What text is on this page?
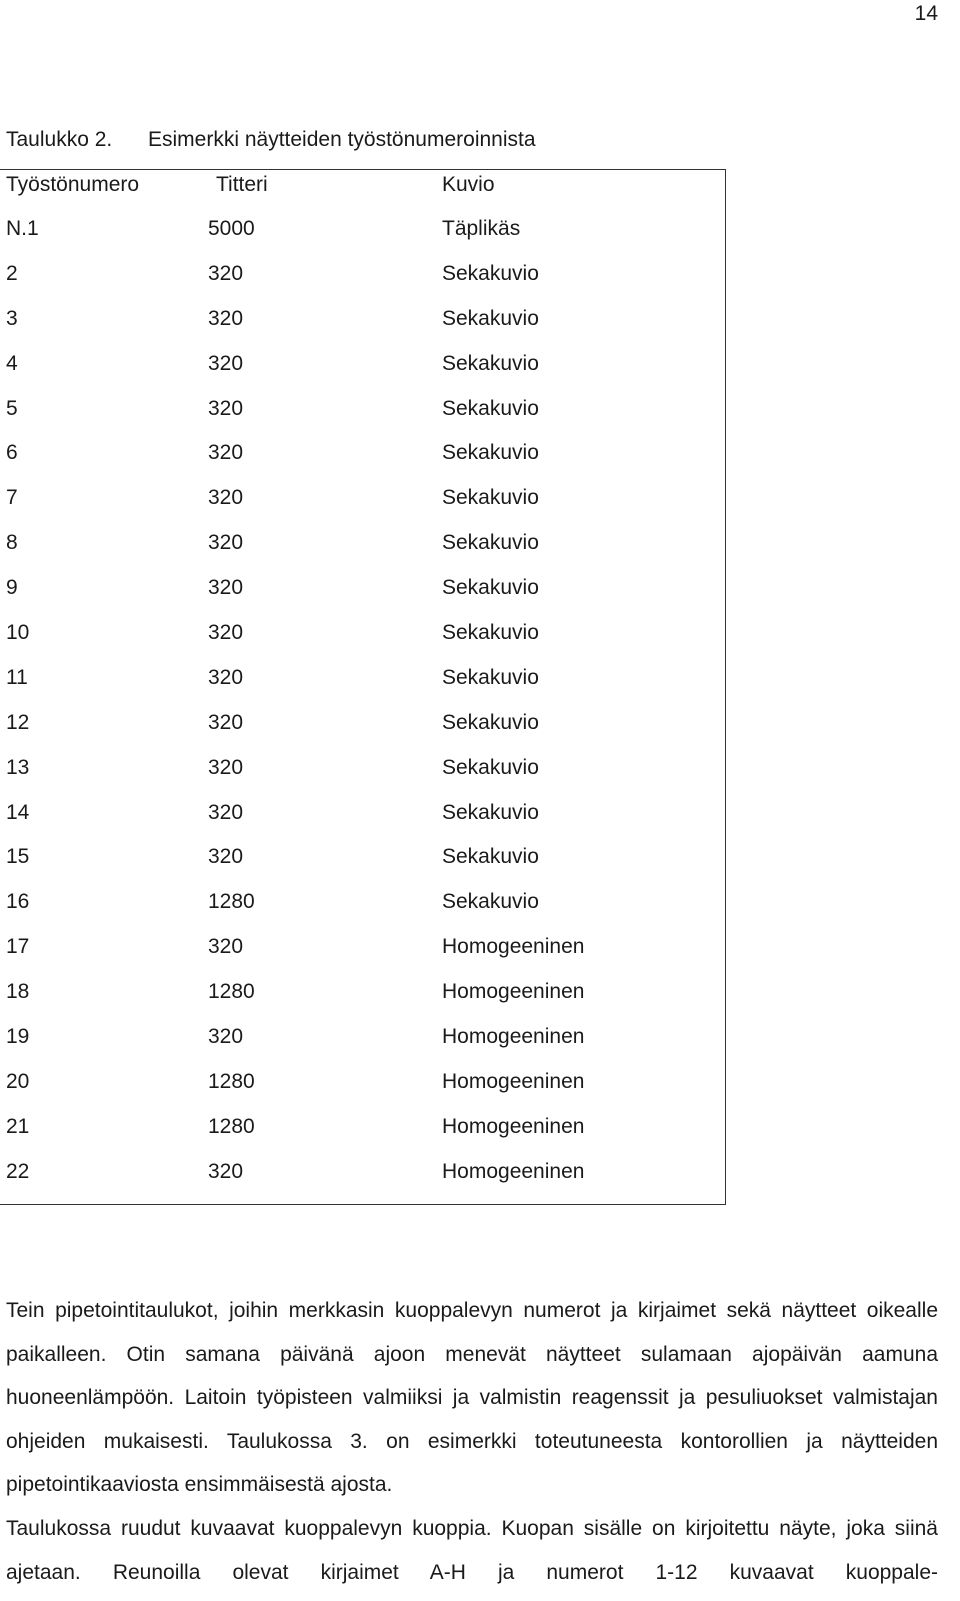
14
Taulukko 2. Esimerkki näytteiden työstönumeroinnista
Työstönumero	Titteri	Kuvio
N.1	5000	Täplikäs
2	320	Sekakuvio
3	320	Sekakuvio
4	320	Sekakuvio
5	320	Sekakuvio
6	320	Sekakuvio
7	320	Sekakuvio
8	320	Sekakuvio
9	320	Sekakuvio
10	320	Sekakuvio
11	320	Sekakuvio
12	320	Sekakuvio
13	320	Sekakuvio
14	320	Sekakuvio
15	320	Sekakuvio
16	1280	Sekakuvio
17	320	Homogeeninen
18	1280	Homogeeninen
19	320	Homogeeninen
20	1280	Homogeeninen
21	1280	Homogeeninen
22	320	Homogeeninen

Tein pipetointitaulukot, joihin merkkasin kuoppalevyn numerot ja kirjaimet sekä näytteet oikealle paikalleen. Otin samana päivänä ajoon menevät näytteet sulamaan ajopäivän aamuna huoneenlämpöön. Laitoin työpisteen valmiiksi ja valmistin reagenssit ja pesuliuokset valmistajan ohjeiden mukaisesti. Taulukossa 3. on esimerkki toteutuneesta kontorollien ja näytteiden pipetointikaaviosta ensimmäisestä ajosta.

Taulukossa ruudut kuvaavat kuoppalevyn kuoppia. Kuopan sisälle on kirjoitettu näyte, joka siinä ajetaan. Reunoilla olevat kirjaimet A-H ja numerot 1-12 kuvaavat kuoppale-
